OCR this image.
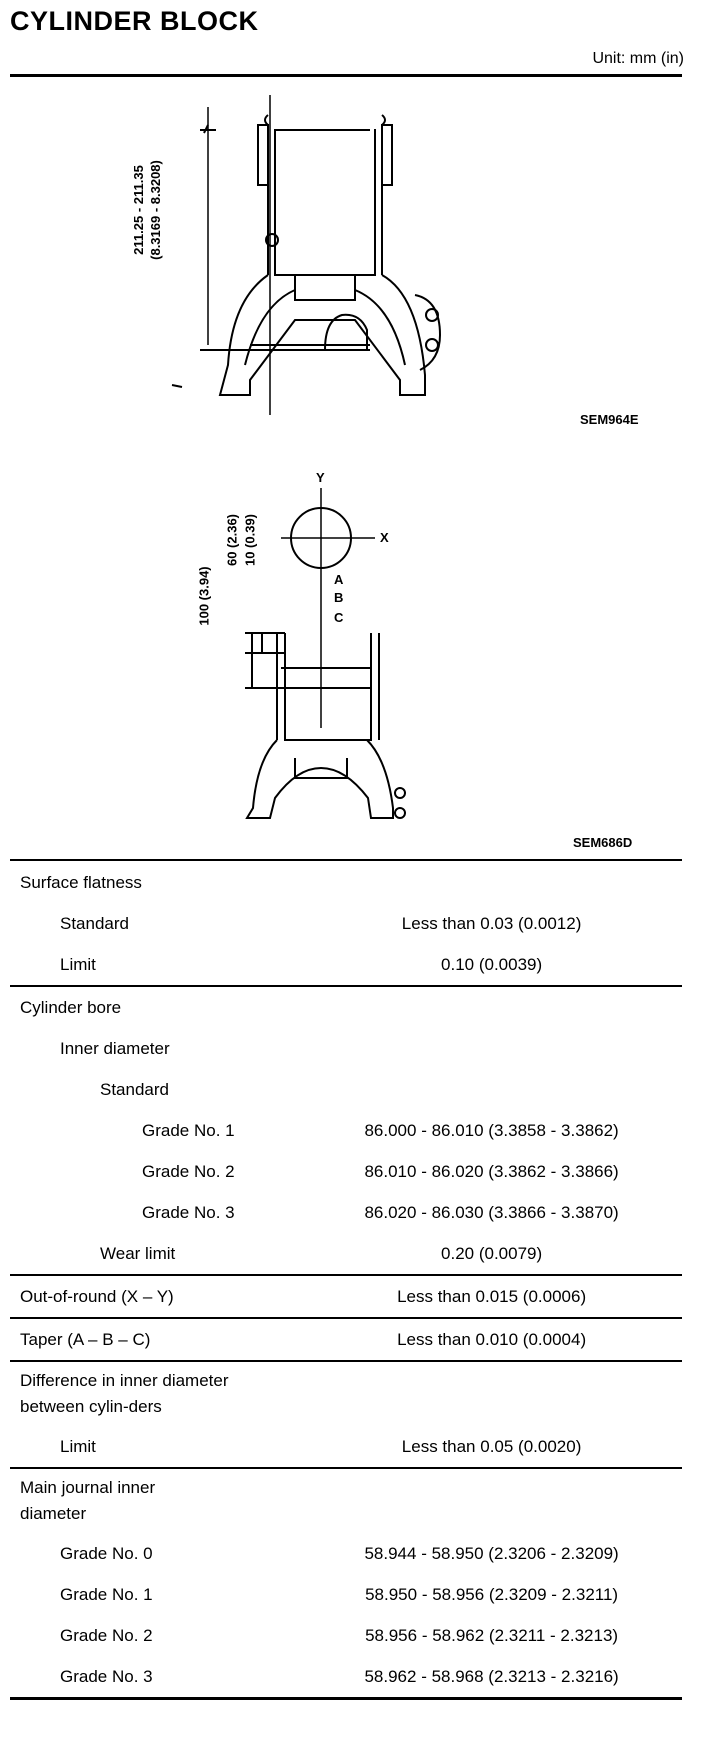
CYLINDER BLOCK
Unit: mm (in)
211.25 - 211.35 (8.3169 - 8.3208)
SEM964E
Y
X
60 (2.36) 10 (0.39)
100 (3.94)	A
B
C
SEM686D
Surface flatness	
Standard	Less than 0.03 (0.0012)
Limit	0.10 (0.0039)
Cylinder bore	
Inner diameter	
Standard	
Grade No. 1	86.000 - 86.010 (3.3858 - 3.3862)
Grade No. 2	86.010 - 86.020 (3.3862 - 3.3866)
Grade No. 3	86.020 - 86.030 (3.3866 - 3.3870)
Wear limit	0.20 (0.0079)
Out-of-round (X – Y)	Less than 0.015 (0.0006)
Taper (A – B – C)	Less than 0.010 (0.0004)

Difference in inner diameter between cylin-ders	

Limit	Less than 0.05 (0.0020)

Main journal inner diameter	

Grade No. 0	58.944 - 58.950 (2.3206 - 2.3209)
Grade No. 1	58.950 - 58.956 (2.3209 - 2.3211)
Grade No. 2	58.956 - 58.962 (2.3211 - 2.3213)
Grade No. 3	58.962 - 58.968 (2.3213 - 2.3216)
